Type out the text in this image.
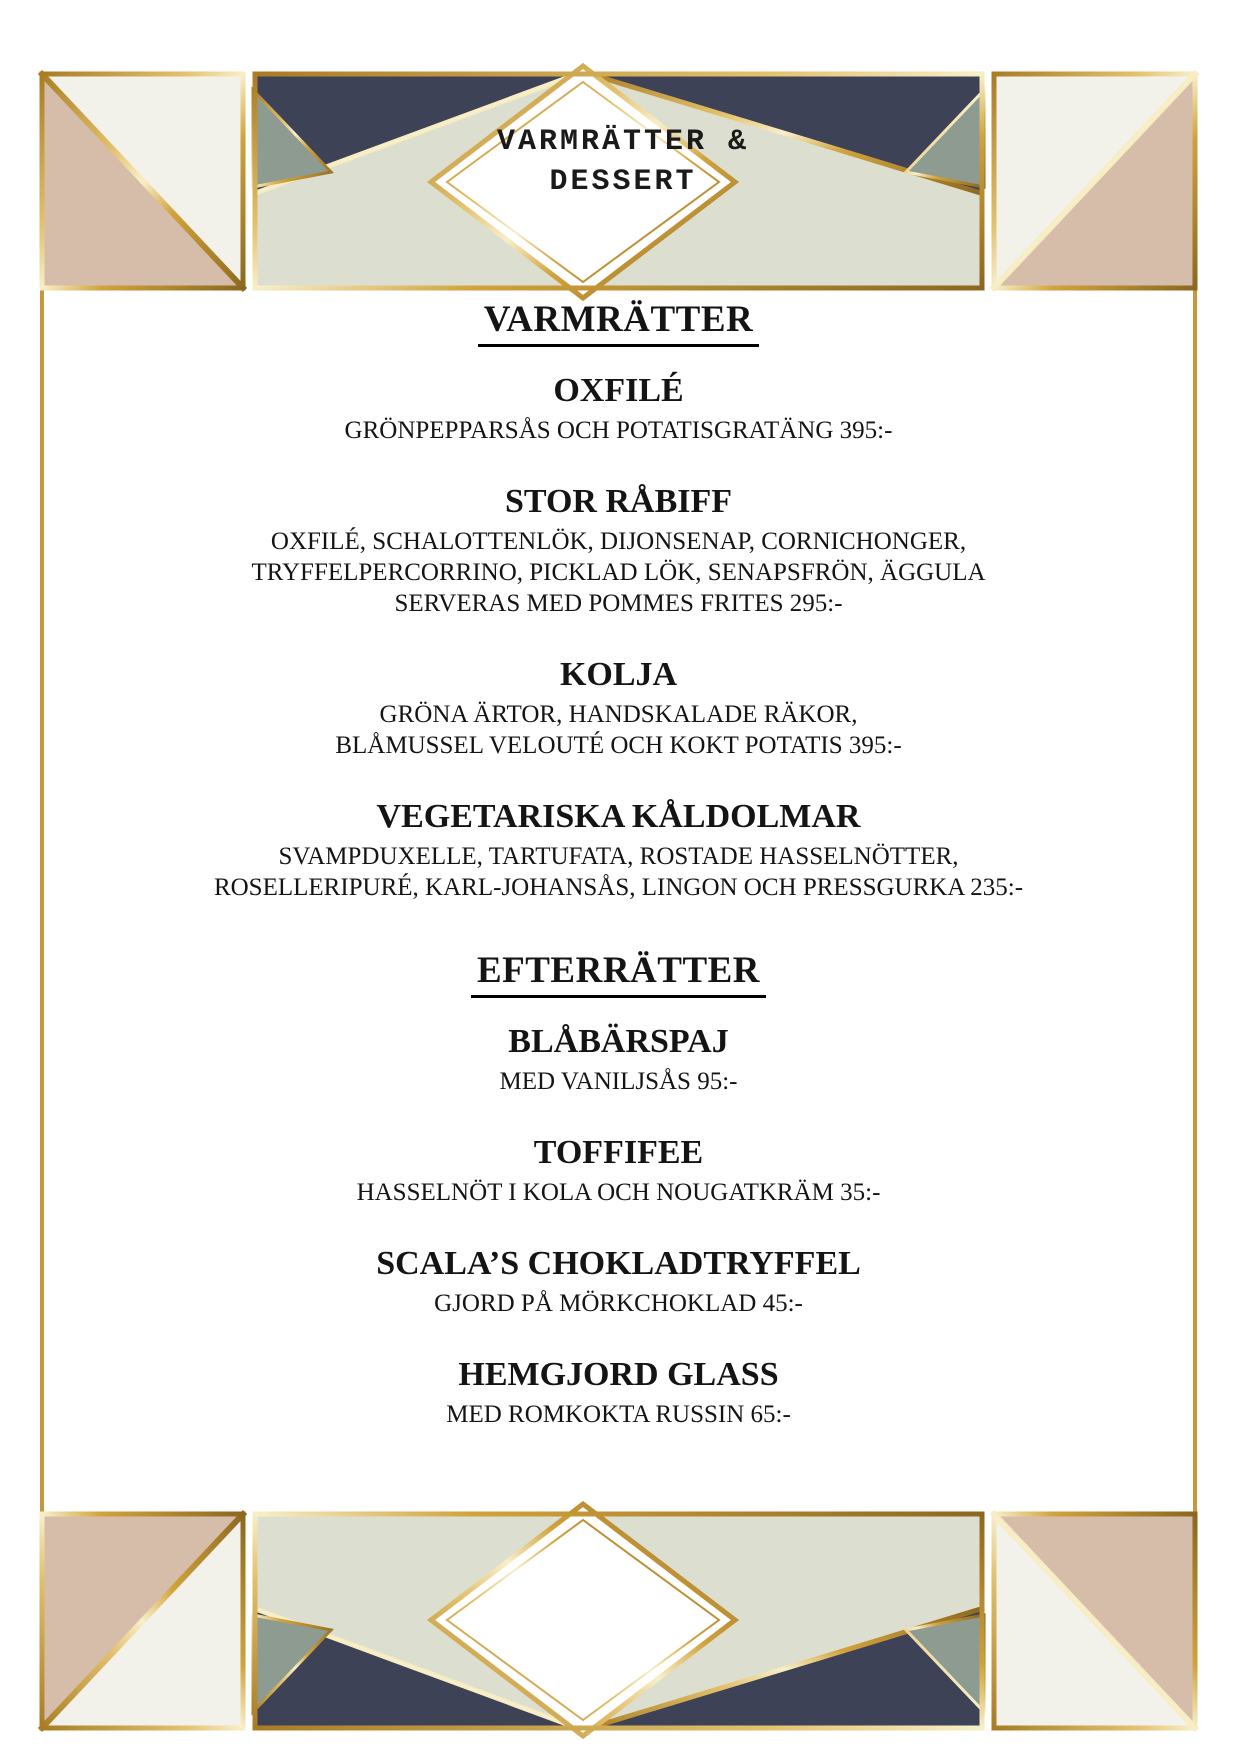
VARMRÄTTER &
DESSERT
VARMRÄTTER
OXFILÉ
GRÖNPEPPARSÅS OCH POTATISGRATÄNG 395:-
STOR RÅBIFF
OXFILÉ, SCHALOTTENLÖK, DIJONSENAP, CORNICHONGER,
TRYFFELPERCORRINO, PICKLAD LÖK, SENAPSFRÖN, ÄGGULA
SERVERAS MED POMMES FRITES 295:-
KOLJA
GRÖNA ÄRTOR, HANDSKALADE RÄKOR,
BLÅMUSSEL VELOUTÉ OCH KOKT POTATIS 395:-
VEGETARISKA KÅLDOLMAR
SVAMPDUXELLE, TARTUFATA, ROSTADE HASSELNÖTTER,
ROSELLERIPURÉ, KARL-JOHANSÅS, LINGON OCH PRESSGURKA 235:-
EFTERRÄTTER
BLÅBÄRSPAJ
MED VANILJSÅS 95:-
TOFFIFEE
HASSELNÖT I KOLA OCH NOUGATKRÄM 35:-
SCALA’S CHOKLADTRYFFEL
GJORD PÅ MÖRKCHOKLAD 45:-
HEMGJORD GLASS
MED ROMKOKTA RUSSIN 65:-
